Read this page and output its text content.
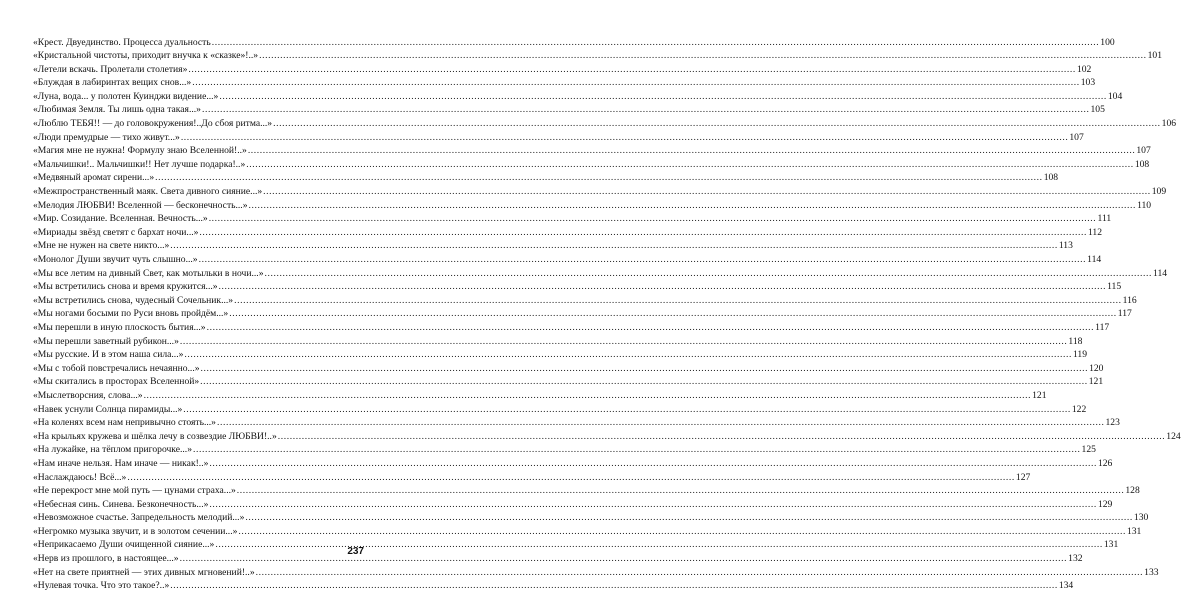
«Крест. Двуединство. Процесса дуальность .....	100
«Кристальной чистоты, приходит внучка к «сказке»!..» .....	101
«Летели вскачь. Пролетали столетия» .....	102
«Блуждая в лабиринтах вещих снов...» .....	103
«Луна, вода... у полотен Куинджи видение...» .....	104
«Любимая Земля. Ты лишь одна такая...» .....	105
«Люблю ТЕБЯ!! — до головокружения!..До сбоя ритма...» .....	106
«Люди премудрые — тихо живут...» .....	107
«Магия мне не нужна! Формулу знаю Вселенной!..» .....	107
«Мальчишки!.. Мальчишки!! Нет лучше подарка!..» .....	108
«Медвяный аромат сирени...» .....	108
«Межпространственный маяк. Света дивного сияние...» .....	109
«Мелодия ЛЮБВИ! Вселенной — бесконечность...» .....	110
«Мир. Созидание. Вселенная. Вечность...» .....	111
«Мириады звёзд светят с бархат ночи...» .....	112
«Мне не нужен на свете никто...» .....	113
«Монолог Души звучит чуть слышно...» .....	114
«Мы все летим на дивный Свет, как мотыльки в ночи...» .....	114
«Мы встретились снова и время кружится...» .....	115
«Мы встретились снова, чудесный Сочельник...» .....	116
«Мы ногами босыми по Руси вновь пройдём...» .....	117
«Мы перешли в иную плоскость бытия...» .....	117
«Мы перешли заветный рубикон...» .....	118
«Мы русские. И в этом наша сила...» .....	119
«Мы с тобой повстречались нечаянно...» .....	120
«Мы скитались в просторах Вселенной» .....	121
«Мыслетворсния, слова...» .....	121
«Навек уснули Солнца пирамиды...» .....	122
«На коленях всем нам непривычно стоять...» .....	123
«На крыльях кружева и шёлка лечу в созвездие ЛЮБВИ!..» .....	124
«На лужайке, на тёплом пригорочке...» .....	125
«Нам иначе нельзя. Нам иначе — никак!..» .....	126
«Наслаждаюсь! Всё...» .....	127
«Не перекрост мне мой путь — цунами страха...» .....	128
«Небесная синь. Синева. Безконечность...» .....	129
«Невозможное счастье. Запредельность мелодий...» .....	130
«Негромко музыка звучит, и в золотом сечении...» .....	131
«Неприкасаемо Души очищенной сияние...» .....	131
«Нерв из прошлого, в настоящее...» .....	132
«Нет на свете приятней — этих дивных мгновений!..» .....	133
«Нулевая точка. Что это такое?..» .....	134
237
